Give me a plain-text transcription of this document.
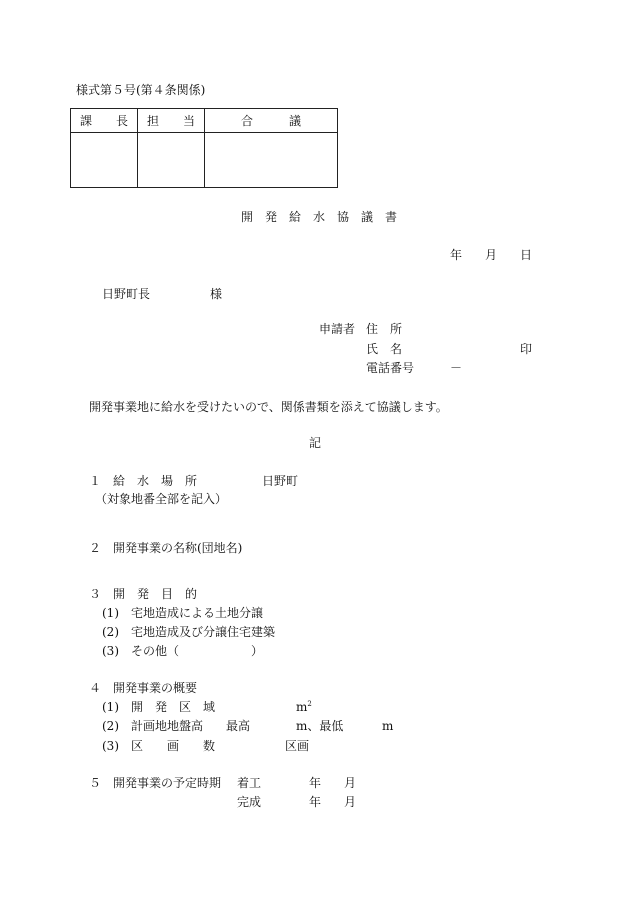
様式第５号(第４条関係)
課　　長	担　　当	合　　　議

開　発　給　水　協　議　書
年 月 日
日野町長　　　　　様
申請者 住　所
氏　名	印
電話番号	－
開発事業地に給水を受けたいので、関係書類を添えて協議します。
記
１　給　水　場　所	日野町
（対象地番全部を記入）
２　開発事業の名称(団地名)
３　開　発　目　的
(1)　宅地造成による土地分譲
(2)　宅地造成及び分譲住宅建築
(3)　その他（　　　　　　）
４　開発事業の概要
(1)　開　発　区　域	$m^2$
(2)　計画地地盤高 最高	m、最低	m
(3)　区　　画　　数	区画
５　開発事業の予定時期 着工	年 月
完成	年 月
